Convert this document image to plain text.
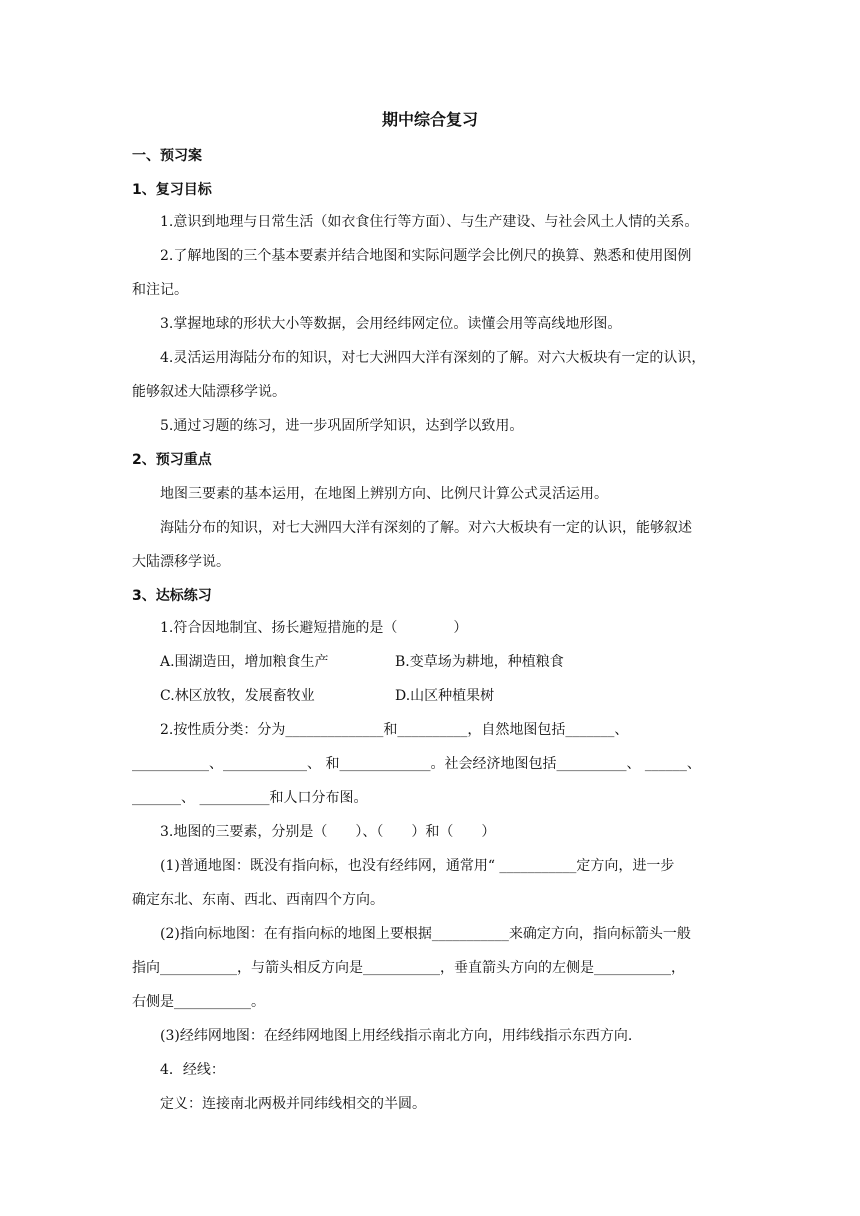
期中综合复习
一、预习案
1、复习目标
1.意识到地理与日常生活（如衣食住行等方面）、与生产建设、与社会风土人情的关系。
2.了解地图的三个基本要素并结合地图和实际问题学会比例尺的换算、熟悉和使用图例
和注记。
3.掌握地球的形状大小等数据，会用经纬网定位。读懂会用等高线地形图。
4.灵活运用海陆分布的知识，对七大洲四大洋有深刻的了解。对六大板块有一定的认识，
能够叙述大陆漂移学说。
5.通过习题的练习，进一步巩固所学知识，达到学以致用。
2、预习重点
地图三要素的基本运用，在地图上辨别方向、比例尺计算公式灵活运用。
海陆分布的知识，对七大洲四大洋有深刻的了解。对六大板块有一定的认识，能够叙述
大陆漂移学说。
3、达标练习
1.符合因地制宜、扬长避短措施的是（　　　　）
A.围湖造田，增加粮食生产	B.变草场为耕地，种植粮食
C.林区放牧，发展畜牧业	D.山区种植果树
2.按性质分类：分为______________和__________，自然地图包括_______、
___________、____________、 和_____________。社会经济地图包括__________、 ______、
_______、 __________和人口分布图。
3.地图的三要素，分别是（　　）、（　　）和（　　）
(1)普通地图：既没有指向标，也没有经纬网，通常用“ ___________定方向，进一步
确定东北、东南、西北、西南四个方向。
(2)指向标地图：在有指向标的地图上要根据___________来确定方向，指向标箭头一般
指向___________，与箭头相反方向是___________，垂直箭头方向的左侧是___________，
右侧是___________。
(3)经纬网地图：在经纬网地图上用经线指示南北方向，用纬线指示东西方向.
4．经线：
定义：连接南北两极并同纬线相交的半圆。
